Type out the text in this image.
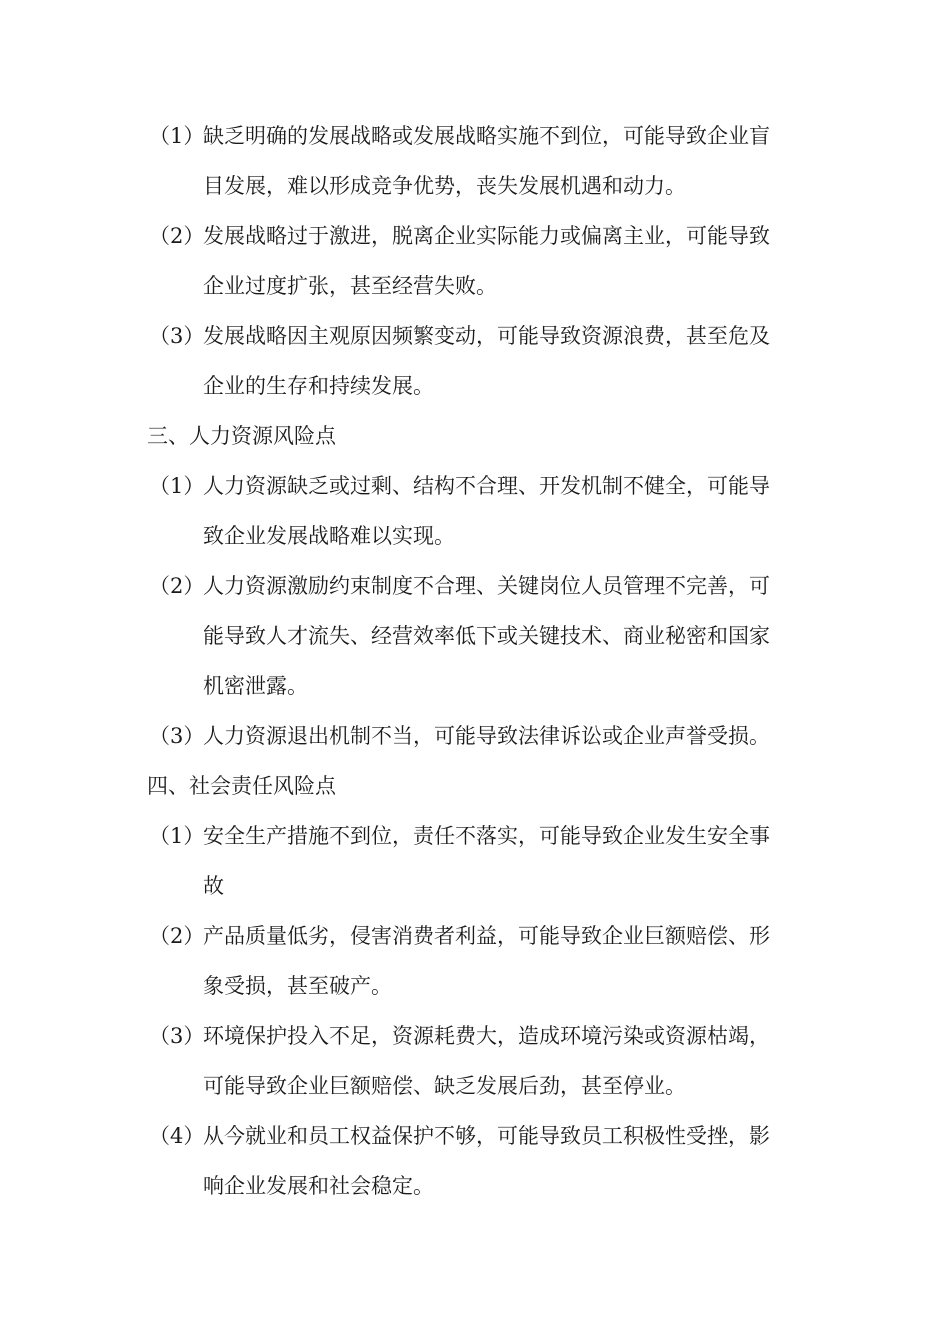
（1）
缺乏明确的发展战略或发展战略实施不到位，可能导致企业盲
目发展，难以形成竞争优势，丧失发展机遇和动力。
（2）
发展战略过于激进，脱离企业实际能力或偏离主业，可能导致
企业过度扩张，甚至经营失败。
（3）
发展战略因主观原因频繁变动，可能导致资源浪费，甚至危及
企业的生存和持续发展。
三、人力资源风险点
（1）
人力资源缺乏或过剩、结构不合理、开发机制不健全，可能导
致企业发展战略难以实现。
（2）
人力资源激励约束制度不合理、关键岗位人员管理不完善，可
能导致人才流失、经营效率低下或关键技术、商业秘密和国家
机密泄露。
（3）
人力资源退出机制不当，可能导致法律诉讼或企业声誉受损。
四、社会责任风险点
（1）
安全生产措施不到位，责任不落实，可能导致企业发生安全事
故
（2）
产品质量低劣，侵害消费者利益，可能导致企业巨额赔偿、形
象受损，甚至破产。
（3）
环境保护投入不足，资源耗费大，造成环境污染或资源枯竭，
可能导致企业巨额赔偿、缺乏发展后劲，甚至停业。
（4）
从今就业和员工权益保护不够，可能导致员工积极性受挫，影
响企业发展和社会稳定。
